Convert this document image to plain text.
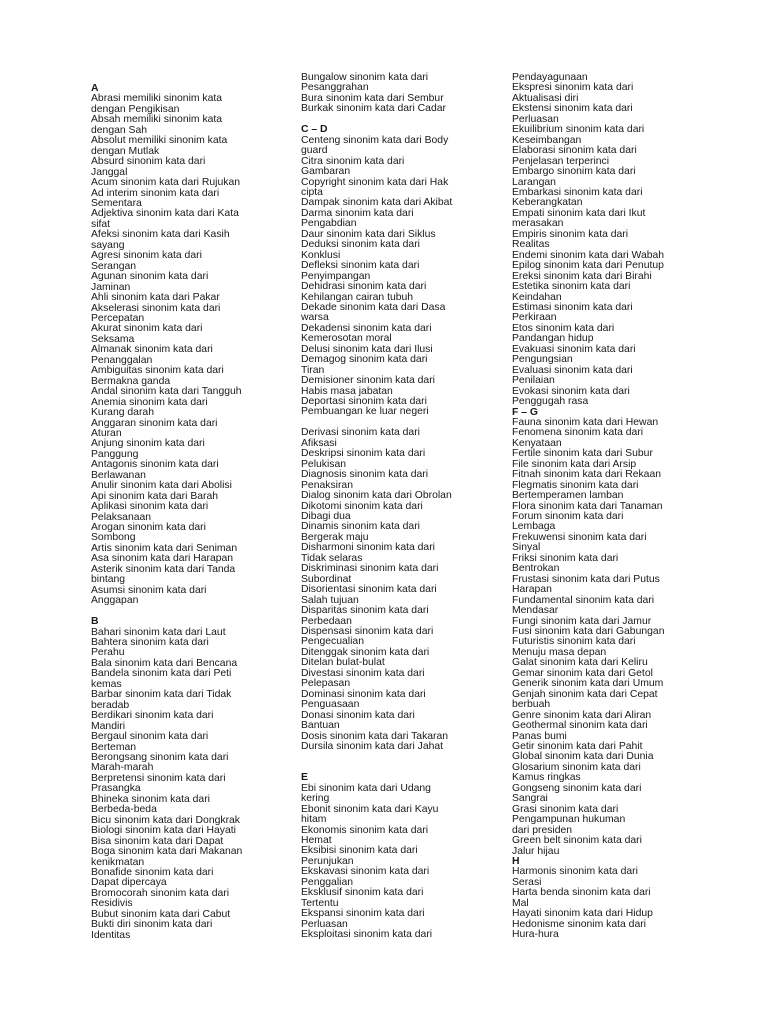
A
Abrasi memiliki sinonim kata
dengan Pengikisan
Absah memiliki sinonim kata
dengan Sah
Absolut memiliki sinonim kata
dengan Mutlak
Absurd sinonim kata dari
Janggal
Acum sinonim kata dari Rujukan
Ad interim sinonim kata dari
Sementara
Adjektiva sinonim kata dari Kata
sifat
Afeksi sinonim kata dari Kasih
sayang
Agresi sinonim kata dari
Serangan
Agunan sinonim kata dari
Jaminan
Ahli sinonim kata dari Pakar
Akselerasi sinonim kata dari
Percepatan
Akurat sinonim kata dari
Seksama
Almanak sinonim kata dari
Penanggalan
Ambiguitas sinonim kata dari
Bermakna ganda
Andal sinonim kata dari Tangguh
Anemia sinonim kata dari
Kurang darah
Anggaran sinonim kata dari
Aturan
Anjung sinonim kata dari
Panggung
Antagonis sinonim kata dari
Berlawanan
Anulir sinonim kata dari Abolisi
Api sinonim kata dari Barah
Aplikasi sinonim kata dari
Pelaksanaan
Arogan sinonim kata dari
Sombong
Artis sinonim kata dari Seniman
Asa sinonim kata dari Harapan
Asterik sinonim kata dari Tanda
bintang
Asumsi sinonim kata dari
Anggapan
B
Bahari sinonim kata dari Laut
Bahtera sinonim kata dari
Perahu
Bala sinonim kata dari Bencana
Bandela sinonim kata dari Peti
kemas
Barbar sinonim kata dari Tidak
beradab
Berdikari sinonim kata dari
Mandiri
Bergaul sinonim kata dari
Berteman
Berongsang sinonim kata dari
Marah-marah
Berpretensi sinonim kata dari
Prasangka
Bhineka sinonim kata dari
Berbeda-beda
Bicu sinonim kata dari Dongkrak
Biologi sinonim kata dari Hayati
Bisa sinonim kata dari Dapat
Boga sinonim kata dari Makanan
kenikmatan
Bonafide sinonim kata dari
Dapat dipercaya
Bromocorah sinonim kata dari
Residivis
Bubut sinonim kata dari Cabut
Bukti diri sinonim kata dari
Identitas
Bungalow sinonim kata dari
Pesanggrahan
Bura sinonim kata dari Sembur
Burkak sinonim kata dari Cadar
C – D
Centeng sinonim kata dari Body
guard
Citra sinonim kata dari
Gambaran
Copyright sinonim kata dari Hak
cipta
Dampak sinonim kata dari Akibat
Darma sinonim kata dari
Pengabdian
Daur sinonim kata dari Siklus
Deduksi sinonim kata dari
Konklusi
Defleksi sinonim kata dari
Penyimpangan
Dehidrasi sinonim kata dari
Kehilangan cairan tubuh
Dekade sinonim kata dari Dasa
warsa
Dekadensi sinonim kata dari
Kemerosotan moral
Delusi sinonim kata dari Ilusi
Demagog sinonim kata dari
Tiran
Demisioner sinonim kata dari
Habis masa jabatan
Deportasi sinonim kata dari
Pembuangan ke luar negeri
Derivasi sinonim kata dari
Afiksasi
Deskripsi sinonim kata dari
Pelukisan
Diagnosis sinonim kata dari
Penaksiran
Dialog sinonim kata dari Obrolan
Dikotomi sinonim kata dari
Dibagi dua
Dinamis sinonim kata dari
Bergerak maju
Disharmoni sinonim kata dari
Tidak selaras
Diskriminasi sinonim kata dari
Subordinat
Disorientasi sinonim kata dari
Salah tujuan
Disparitas sinonim kata dari
Perbedaan
Dispensasi sinonim kata dari
Pengecualian
Ditenggak sinonim kata dari
Ditelan bulat-bulat
Divestasi sinonim kata dari
Pelepasan
Dominasi sinonim kata dari
Penguasaan
Donasi sinonim kata dari
Bantuan
Dosis sinonim kata dari Takaran
Dursila sinonim kata dari Jahat
E
Ebi sinonim kata dari Udang
kering
Ebonit sinonim kata dari Kayu
hitam
Ekonomis sinonim kata dari
Hemat
Eksibisi sinonim kata dari
Perunjukan
Ekskavasi sinonim kata dari
Penggalian
Eksklusif sinonim kata dari
Tertentu
Ekspansi sinonim kata dari
Perluasan
Eksploitasi sinonim kata dari
Pendayagunaan
Ekspresi sinonim kata dari
Aktualisasi diri
Ekstensi sinonim kata dari
Perluasan
Ekuilibrium sinonim kata dari
Keseimbangan
Elaborasi sinonim kata dari
Penjelasan terperinci
Embargo sinonim kata dari
Larangan
Embarkasi sinonim kata dari
Keberangkatan
Empati sinonim kata dari Ikut
merasakan
Empiris sinonim kata dari
Realitas
Endemi sinonim kata dari Wabah
Epilog sinonim kata dari Penutup
Ereksi sinonim kata dari Birahi
Estetika sinonim kata dari
Keindahan
Estimasi sinonim kata dari
Perkiraan
Etos sinonim kata dari
Pandangan hidup
Evakuasi sinonim kata dari
Pengungsian
Evaluasi sinonim kata dari
Penilaian
Evokasi sinonim kata dari
Penggugah rasa
F – G
Fauna sinonim kata dari Hewan
Fenomena sinonim kata dari
Kenyataan
Fertile sinonim kata dari Subur
File sinonim kata dari Arsip
Fitnah sinonim kata dari Rekaan
Flegmatis sinonim kata dari
Bertemperamen lamban
Flora sinonim kata dari Tanaman
Forum sinonim kata dari
Lembaga
Frekuwensi sinonim kata dari
Sinyal
Friksi sinonim kata dari
Bentrokan
Frustasi sinonim kata dari Putus
Harapan
Fundamental sinonim kata dari
Mendasar
Fungi sinonim kata dari Jamur
Fusi sinonim kata dari Gabungan
Futuristis sinonim kata dari
Menuju masa depan
Galat sinonim kata dari Keliru
Gemar sinonim kata dari Getol
Generik sinonim kata dari Umum
Genjah sinonim kata dari Cepat
berbuah
Genre sinonim kata dari Aliran
Geothermal sinonim kata dari
Panas bumi
Getir sinonim kata dari Pahit
Global sinonim kata dari Dunia
Glosarium sinonim kata dari
Kamus ringkas
Gongseng sinonim kata dari
Sangrai
Grasi sinonim kata dari
Pengampunan hukuman
dari presiden
Green belt sinonim kata dari
Jalur hijau
H
Harmonis sinonim kata dari
Serasi
Harta benda sinonim kata dari
Mal
Hayati sinonim kata dari Hidup
Hedonisme sinonim kata dari
Hura-hura
